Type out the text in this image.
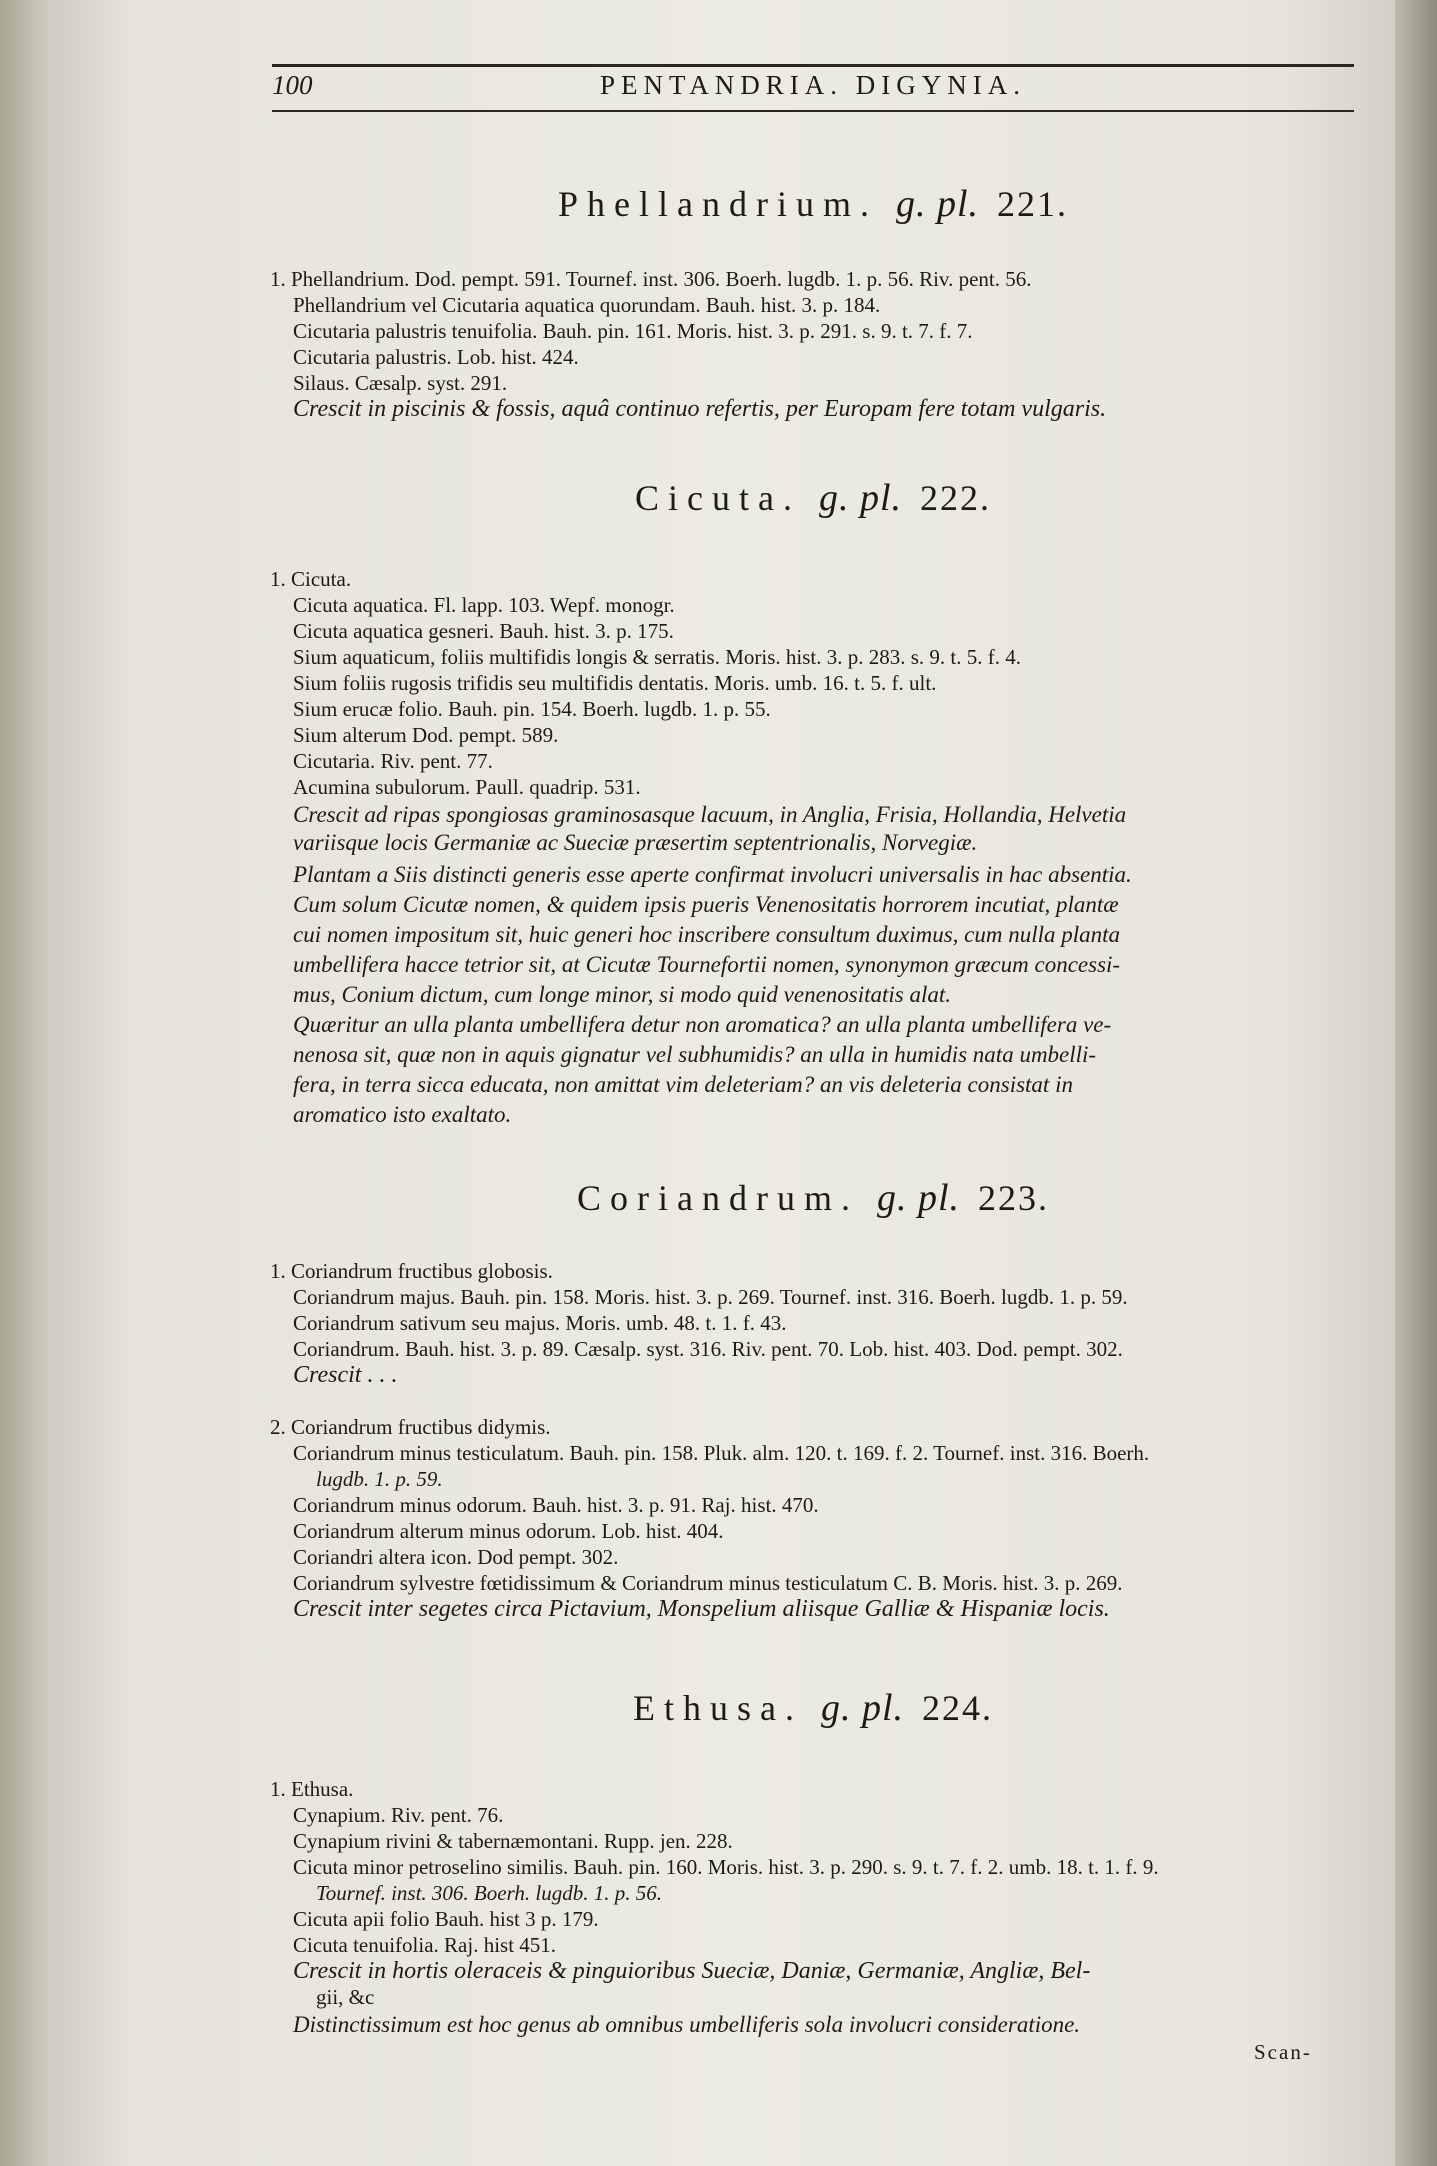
100	PENTANDRIA. DIGYNIA.
Phellandrium. g. pl. 221.
1. Phellandrium. Dod. pempt. 591. Tournef. inst. 306. Boerh. lugdb. 1. p. 56. Riv. pent. 56.
Phellandrium vel Cicutaria aquatica quorundam. Bauh. hist. 3. p. 184.
Cicutaria palustris tenuifolia. Bauh. pin. 161. Moris. hist. 3. p. 291. s. 9. t. 7. f. 7.
Cicutaria palustris. Lob. hist. 424.
Silaus. Cæsalp. syst. 291.
Crescit in piscinis & fossis, aquâ continuo refertis, per Europam fere totam vulgaris.
Cicuta. g. pl. 222.
1. Cicuta.
Cicuta aquatica. Fl. lapp. 103. Wepf. monogr.
Cicuta aquatica gesneri. Bauh. hist. 3. p. 175.
Sium aquaticum, foliis multifidis longis & serratis. Moris. hist. 3. p. 283. s. 9. t. 5. f. 4.
Sium foliis rugosis trifidis seu multifidis dentatis. Moris. umb. 16. t. 5. f. ult.
Sium erucæ folio. Bauh. pin. 154. Boerh. lugdb. 1. p. 55.
Sium alterum Dod. pempt. 589.
Cicutaria. Riv. pent. 77.
Acumina subulorum. Paull. quadrip. 531.
Crescit ad ripas spongiosas graminosasque lacuum, in Anglia, Frisia, Hollandia, Helvetia
variisque locis Germaniæ ac Sueciæ præsertim septentrionalis, Norvegiæ.
Plantam a Siis distincti generis esse aperte confirmat involucri universalis in hac absentia.
Cum solum Cicutæ nomen, & quidem ipsis pueris Venenositatis horrorem incutiat, plantæ
cui nomen impositum sit, huic generi hoc inscribere consultum duximus, cum nulla planta
umbellifera hacce tetrior sit, at Cicutæ Tournefortii nomen, synonymon græcum concessi-
mus, Conium dictum, cum longe minor, si modo quid venenositatis alat.
Quæritur an ulla planta umbellifera detur non aromatica? an ulla planta umbellifera ve-
nenosa sit, quæ non in aquis gignatur vel subhumidis? an ulla in humidis nata umbelli-
fera, in terra sicca educata, non amittat vim deleteriam? an vis deleteria consistat in
aromatico isto exaltato.
Coriandrum. g. pl. 223.
1. Coriandrum fructibus globosis.
Coriandrum majus. Bauh. pin. 158. Moris. hist. 3. p. 269. Tournef. inst. 316. Boerh. lugdb. 1. p. 59.
Coriandrum sativum seu majus. Moris. umb. 48. t. 1. f. 43.
Coriandrum. Bauh. hist. 3. p. 89. Cæsalp. syst. 316. Riv. pent. 70. Lob. hist. 403. Dod. pempt. 302.
Crescit . . .
2. Coriandrum fructibus didymis.
Coriandrum minus testiculatum. Bauh. pin. 158. Pluk. alm. 120. t. 169. f. 2. Tournef. inst. 316. Boerh.
lugdb. 1. p. 59.
Coriandrum minus odorum. Bauh. hist. 3. p. 91. Raj. hist. 470.
Coriandrum alterum minus odorum. Lob. hist. 404.
Coriandri altera icon. Dod pempt. 302.
Coriandrum sylvestre fœtidissimum & Coriandrum minus testiculatum C. B. Moris. hist. 3. p. 269.
Crescit inter segetes circa Pictavium, Monspelium aliisque Galliæ & Hispaniæ locis.
Ethusa. g. pl. 224.
1. Ethusa.
Cynapium. Riv. pent. 76.
Cynapium rivini & tabernæmontani. Rupp. jen. 228.
Cicuta minor petroselino similis. Bauh. pin. 160. Moris. hist. 3. p. 290. s. 9. t. 7. f. 2. umb. 18. t. 1. f. 9.
Tournef. inst. 306. Boerh. lugdb. 1. p. 56.
Cicuta apii folio Bauh. hist 3 p. 179.
Cicuta tenuifolia. Raj. hist 451.
Crescit in hortis oleraceis & pinguioribus Sueciæ, Daniæ, Germaniæ, Angliæ, Bel-
gii, &c
Distinctissimum est hoc genus ab omnibus umbelliferis sola involucri consideratione.
Scan-
